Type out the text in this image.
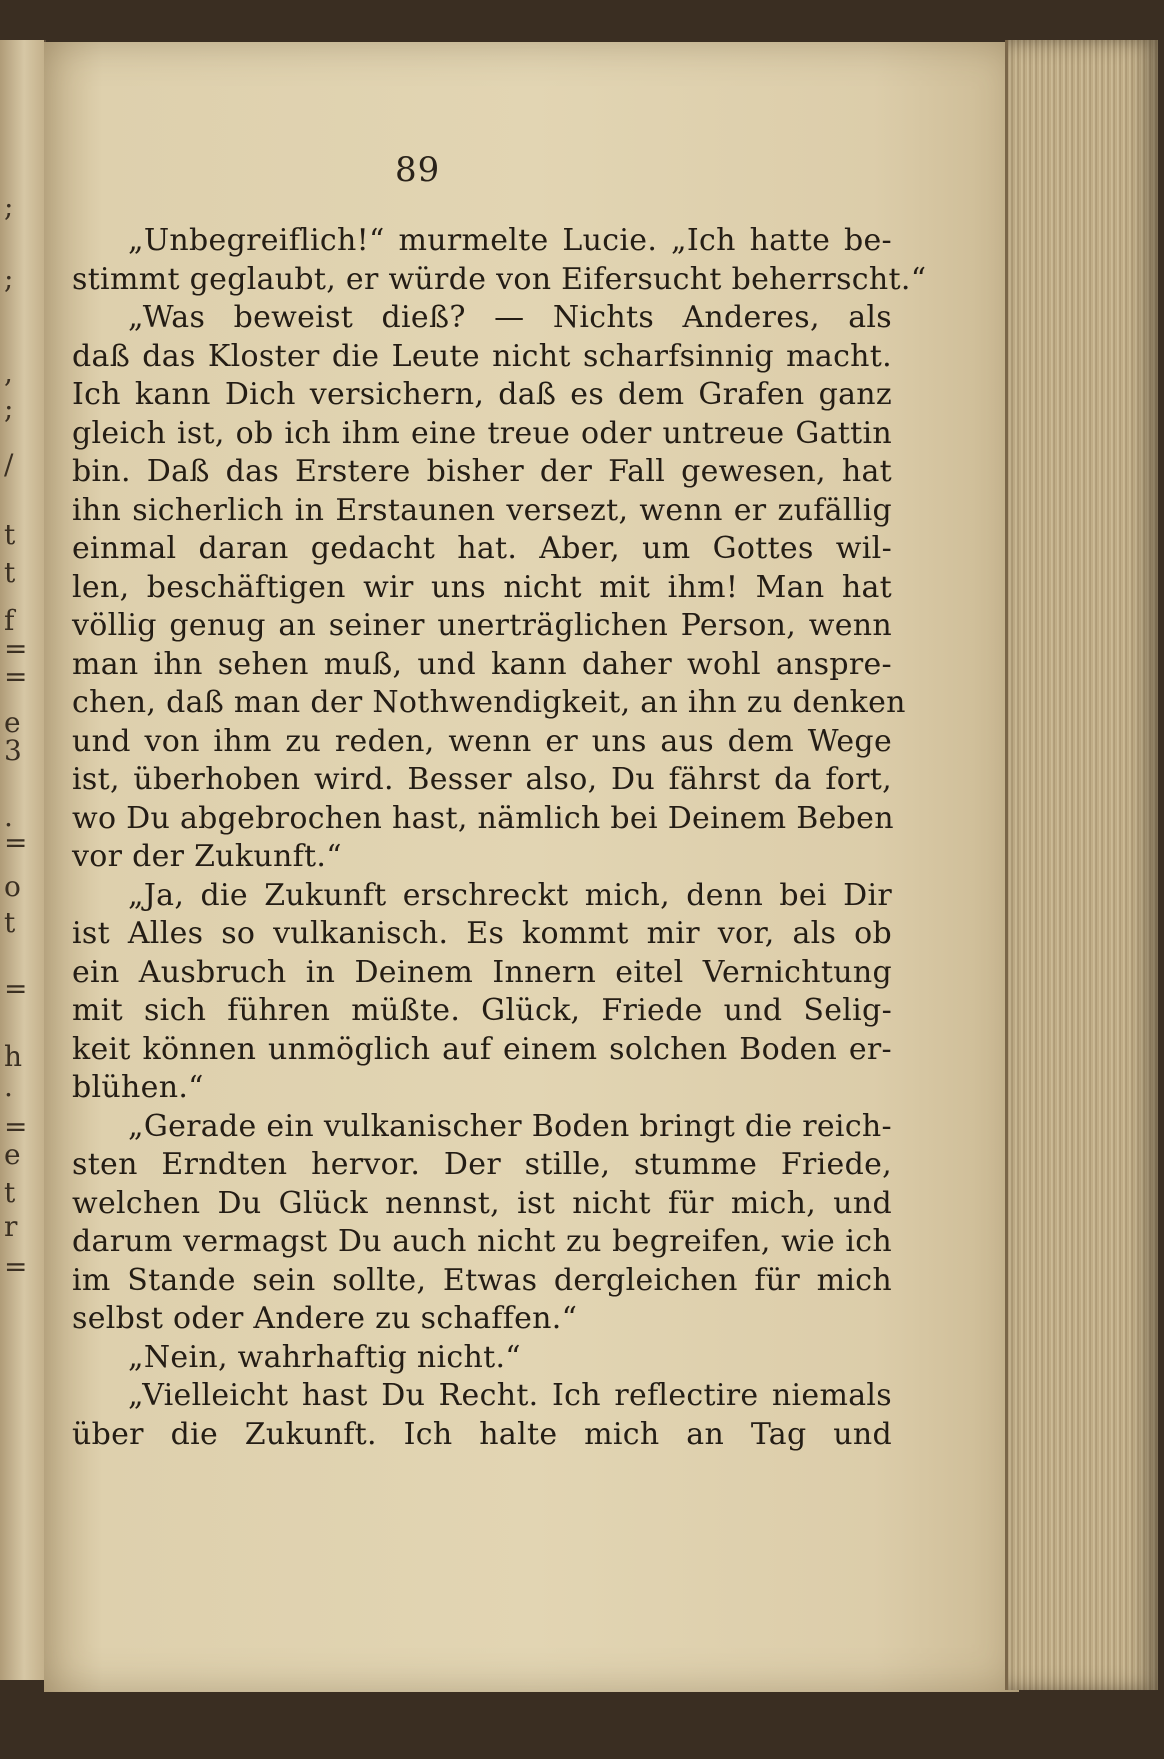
;
;
,
;
/
t
t
f
=
=
e
3
.
=
o
t
=
h
.
=
e
t
r
=
89
„Unbegreiflich!“ murmelte Lucie. „Ich hatte be-
stimmt geglaubt, er würde von Eifersucht beherrscht.“
„Was beweist dieß? — Nichts Anderes, als
daß das Kloster die Leute nicht scharfsinnig macht.
Ich kann Dich versichern, daß es dem Grafen ganz
gleich ist, ob ich ihm eine treue oder untreue Gattin
bin. Daß das Erstere bisher der Fall gewesen, hat
ihn sicherlich in Erstaunen versezt, wenn er zufällig
einmal daran gedacht hat. Aber, um Gottes wil-
len, beschäftigen wir uns nicht mit ihm! Man hat
völlig genug an seiner unerträglichen Person, wenn
man ihn sehen muß, und kann daher wohl anspre-
chen, daß man der Nothwendigkeit, an ihn zu denken
und von ihm zu reden, wenn er uns aus dem Wege
ist, überhoben wird. Besser also, Du fährst da fort,
wo Du abgebrochen hast, nämlich bei Deinem Beben
vor der Zukunft.“
„Ja, die Zukunft erschreckt mich, denn bei Dir
ist Alles so vulkanisch. Es kommt mir vor, als ob
ein Ausbruch in Deinem Innern eitel Vernichtung
mit sich führen müßte. Glück, Friede und Selig-
keit können unmöglich auf einem solchen Boden er-
blühen.“
„Gerade ein vulkanischer Boden bringt die reich-
sten Erndten hervor. Der stille, stumme Friede,
welchen Du Glück nennst, ist nicht für mich, und
darum vermagst Du auch nicht zu begreifen, wie ich
im Stande sein sollte, Etwas dergleichen für mich
selbst oder Andere zu schaffen.“
„Nein, wahrhaftig nicht.“
„Vielleicht hast Du Recht. Ich reflectire niemals
über die Zukunft. Ich halte mich an Tag und
